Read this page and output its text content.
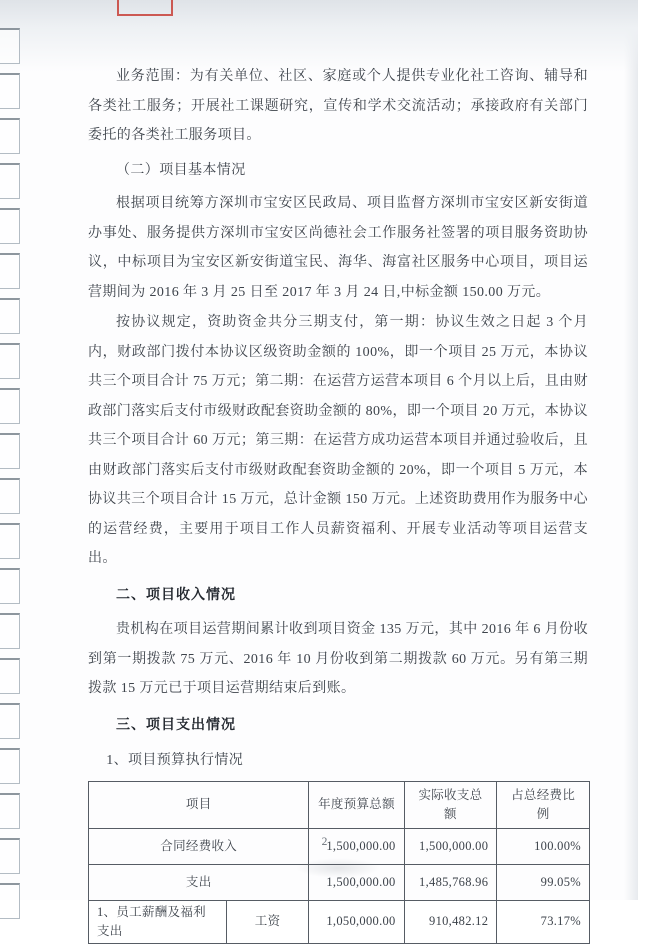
业务范围：为有关单位、社区、家庭或个人提供专业化社工咨询、辅导和各类社工服务；开展社工课题研究，宣传和学术交流活动；承接政府有关部门委托的各类社工服务项目。

（二）项目基本情况

根据项目统筹方深圳市宝安区民政局、项目监督方深圳市宝安区新安街道办事处、服务提供方深圳市宝安区尚德社会工作服务社签署的项目服务资助协议，中标项目为宝安区新安街道宝民、海华、海富社区服务中心项目，项目运营期间为 2016 年 3 月 25 日至 2017 年 3 月 24 日,中标金额 150.00 万元。

按协议规定，资助资金共分三期支付，第一期：协议生效之日起 3 个月内，财政部门拨付本协议区级资助金额的 100%，即一个项目 25 万元，本协议共三个项目合计 75 万元；第二期：在运营方运营本项目 6 个月以上后，且由财政部门落实后支付市级财政配套资助金额的 80%，即一个项目 20 万元，本协议共三个项目合计 60 万元；第三期：在运营方成功运营本项目并通过验收后，且由财政部门落实后支付市级财政配套资助金额的 20%，即一个项目 5 万元，本协议共三个项目合计 15 万元，总计金额 150 万元。上述资助费用作为服务中心的运营经费，主要用于项目工作人员薪资福利、开展专业活动等项目运营支出。

二、项目收入情况

贵机构在项目运营期间累计收到项目资金 135 万元，其中 2016 年 6 月份收到第一期拨款 75 万元、2016 年 10 月份收到第二期拨款 60 万元。另有第三期拨款 15 万元已于项目运营期结束后到账。

三、项目支出情况
1、项目预算执行情况
项目		年度预算总额	实际收支总额	占总经费比例
合同经费收入		1,500,000.00	1,500,000.00	100.00%
支出		1,500,000.00	1,485,768.96	99.05%
1、员工薪酬及福利支出	工资	1,050,000.00	910,482.12	73.17%
2
